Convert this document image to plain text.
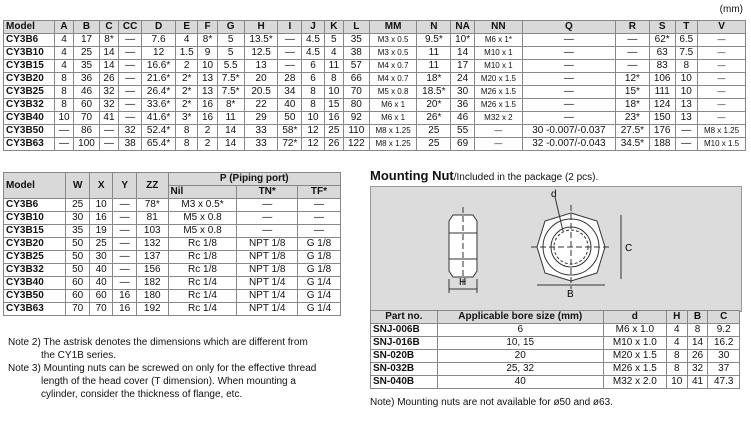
(mm)
Model	A	B	C	CC	D	E	F	G	H	I	J	K	L	MM	N	NA	NN	Q	R	S	T	V
CY3B6	4	17	8*	—	7.6	4	8*	5	13.5*	—	4.5	5	35	M3 x 0.5	9.5*	10*	M6 x 1*	—	—	62*	6.5	—
CY3B10	4	25	14	—	12	1.5	9	5	12.5	—	4.5	4	38	M3 x 0.5	11	14	M10 x 1	—	—	63	7.5	—
CY3B15	4	35	14	—	16.6*	2	10	5.5	13	—	6	11	57	M4 x 0.7	11	17	M10 x 1	—	—	83	8	—
CY3B20	8	36	26	—	21.6*	2*	13	7.5*	20	28	6	8	66	M4 x 0.7	18*	24	M20 x 1.5	—	12*	106	10	—
CY3B25	8	46	32	—	26.4*	2*	13	7.5*	20.5	34	8	10	70	M5 x 0.8	18.5*	30	M26 x 1.5	—	15*	111	10	—
CY3B32	8	60	32	—	33.6*	2*	16	8*	22	40	8	15	80	M6 x 1	20*	36	M26 x 1.5	—	18*	124	13	—
CY3B40	10	70	41	—	41.6*	3*	16	11	29	50	10	16	92	M6 x 1	26*	46	M32 x 2	—	23*	150	13	—
CY3B50	—	86	—	32	52.4*	8	2	14	33	58*	12	25	110	M8 x 1.25	25	55	—	30 -0.007/-0.037	27.5*	176	—	M8 x 1.25
CY3B63	—	100	—	38	65.4*	8	2	14	33	72*	12	26	122	M8 x 1.25	25	69	—	32 -0.007/-0.043	34.5*	188	—	M10 x 1.5
Model	W	X	Y	ZZ	P (Piping port)		
					Nil	TN*	TF*
CY3B6	25	10	—	78*	M3 x 0.5*	—	—
CY3B10	30	16	—	81	M5 x 0.8	—	—
CY3B15	35	19	—	103	M5 x 0.8	—	—
CY3B20	50	25	—	132	Rc 1/8	NPT 1/8	G 1/8
CY3B25	50	30	—	137	Rc 1/8	NPT 1/8	G 1/8
CY3B32	50	40	—	156	Rc 1/8	NPT 1/8	G 1/8
CY3B40	60	40	—	182	Rc 1/4	NPT 1/4	G 1/4
CY3B50	60	60	16	180	Rc 1/4	NPT 1/4	G 1/4
CY3B63	70	70	16	192	Rc 1/4	NPT 1/4	G 1/4
Note 2) The astrisk denotes the dimensions which are different from
the CY1B series.
Note 3) Mounting nuts can be screwed on only for the effective thread
length of the head cover (T dimension). When mounting a
cylinder, consider the thickness of flange, etc.
Mounting Nut/Included in the package (2 pcs).
H
d
C
B
Part no.	Applicable bore size (mm)	d	H	B	C
SNJ-006B	6	M6 x 1.0	4	8	9.2
SNJ-016B	10, 15	M10 x 1.0	4	14	16.2
SN-020B	20	M20 x 1.5	8	26	30
SN-032B	25, 32	M26 x 1.5	8	32	37
SN-040B	40	M32 x 2.0	10	41	47.3
Note) Mounting nuts are not available for ø50 and ø63.
